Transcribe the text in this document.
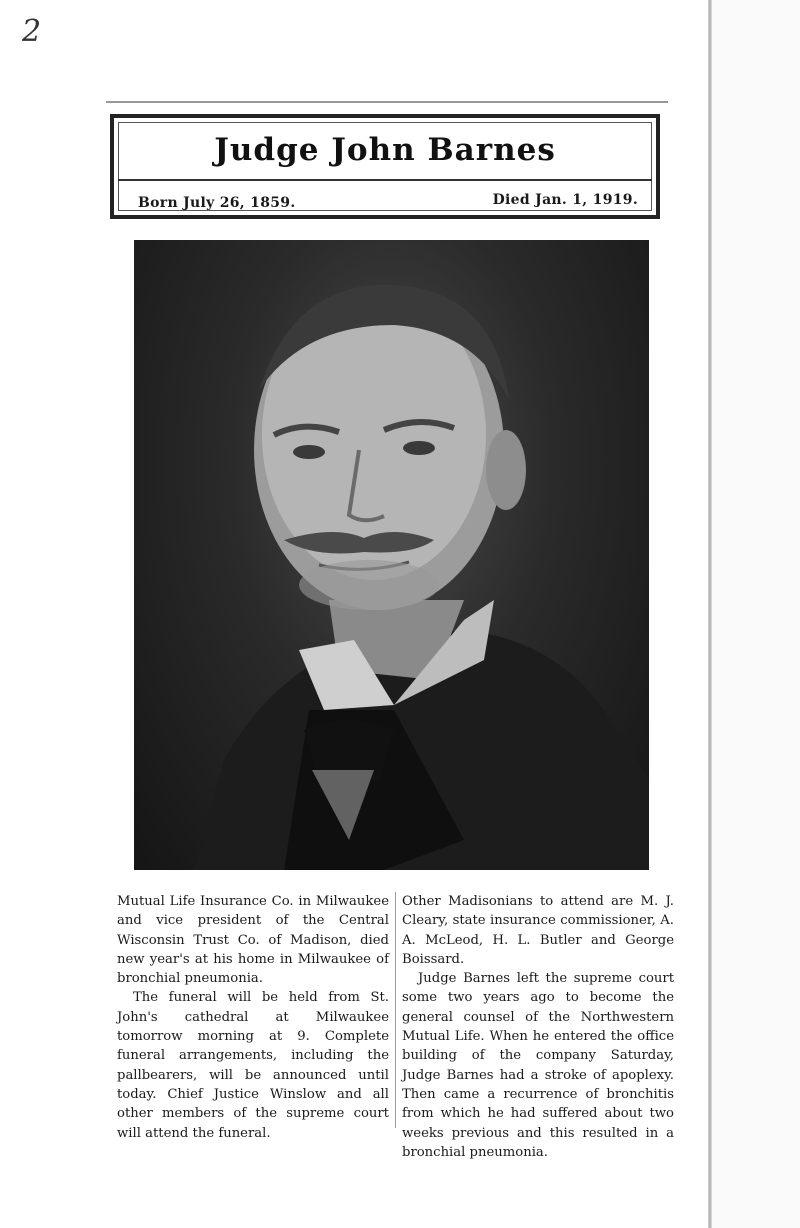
2
Judge John Barnes
Born July 26, 1859.	Died Jan. 1, 1919.

Mutual Life Insurance Co. in Milwaukee and vice president of the Central Wisconsin Trust Co. of Madison, died new year's at his home in Milwaukee of bronchial pneumonia.

The funeral will be held from St. John's cathedral at Milwaukee tomorrow morning at 9. Complete funeral arrangements, including the pallbearers, will be announced until today. Chief Justice Winslow and all other members of the supreme court will attend the funeral.

Other Madisonians to attend are M. J. Cleary, state insurance commissioner, A. A. McLeod, H. L. Butler and George Boissard.

Judge Barnes left the supreme court some two years ago to become the general counsel of the Northwestern Mutual Life. When he entered the office building of the company Saturday, Judge Barnes had a stroke of apoplexy. Then came a recurrence of bronchitis from which he had suffered about two weeks previous and this resulted in a bronchial pneumonia.
